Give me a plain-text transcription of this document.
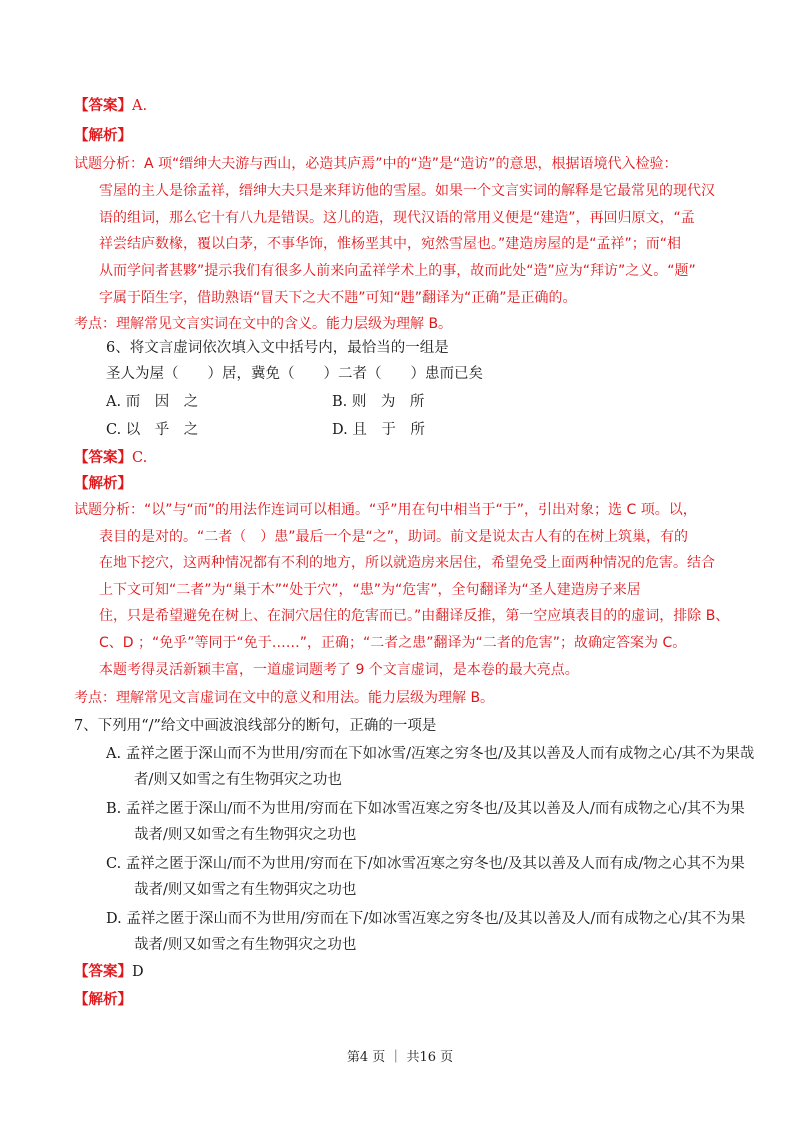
【答案】A.
【解析】
试题分析：A 项“缙绅大夫游与西山，必造其庐焉”中的“造”是“造访”的意思，根据语境代入检验：
雪屋的主人是徐孟祥，缙绅大夫只是来拜访他的雪屋。如果一个文言实词的解释是它最常见的现代汉
语的组词，那么它十有八九是错误。这儿的造，现代汉语的常用义便是“建造”，再回归原文，“孟
祥尝结庐数椽，覆以白茅，不事华饰，惟杨垩其中，宛然雪屋也。”建造房屋的是“孟祥”；而“相
从而学问者甚夥”提示我们有很多人前来向孟祥学术上的事，故而此处“造”应为“拜访”之义。“题”
字属于陌生字，借助熟语“冒天下之大不韪”可知“韪”翻译为“正确”是正确的。
考点：理解常见文言实词在文中的含义。能力层级为理解 B。
6、将文言虚词依次填入文中括号内，最恰当的一组是
圣人为屋（　　）居，冀免（　　）二者（　　）患而已矣
A. 而　因　之	B. 则　为　所
C. 以　乎　之	D. 且　于　所
【答案】C.
【解析】
试题分析：“以”与“而”的用法作连词可以相通。“乎”用在句中相当于“于”，引出对象；选 C 项。以，
表目的是对的。“二者（　）患”最后一个是“之”，助词。前文是说太古人有的在树上筑巢，有的
在地下挖穴，这两种情况都有不利的地方，所以就造房来居住，希望免受上面两种情况的危害。结合
上下文可知“二者”为“巢于木”“处于穴”，“患”为“危害”，全句翻译为“圣人建造房子来居
住，只是希望避免在树上、在洞穴居住的危害而已。”由翻译反推，第一空应填表目的的虚词，排除 B、
C、D ；“免乎”等同于“免于……”，正确；“二者之患”翻译为“二者的危害”；故确定答案为 C。
本题考得灵活新颖丰富，一道虚词题考了 9 个文言虚词，是本卷的最大亮点。
考点：理解常见文言虚词在文中的意义和用法。能力层级为理解 B。
7、下列用“/”给文中画波浪线部分的断句，正确的一项是
A. 孟祥之匿于深山而不为世用/穷而在下如冰雪/冱寒之穷冬也/及其以善及人而有成物之心/其不为果哉
者/则又如雪之有生物弭灾之功也
B. 孟祥之匿于深山/而不为世用/穷而在下如冰雪冱寒之穷冬也/及其以善及人/而有成物之心/其不为果
哉者/则又如雪之有生物弭灾之功也
C. 孟祥之匿于深山/而不为世用/穷而在下/如冰雪冱寒之穷冬也/及其以善及人而有成/物之心其不为果
哉者/则又如雪之有生物弭灾之功也
D. 孟祥之匿于深山而不为世用/穷而在下/如冰雪冱寒之穷冬也/及其以善及人/而有成物之心/其不为果
哉者/则又如雪之有生物弭灾之功也
【答案】D
【解析】
第4 页 ｜ 共16 页
